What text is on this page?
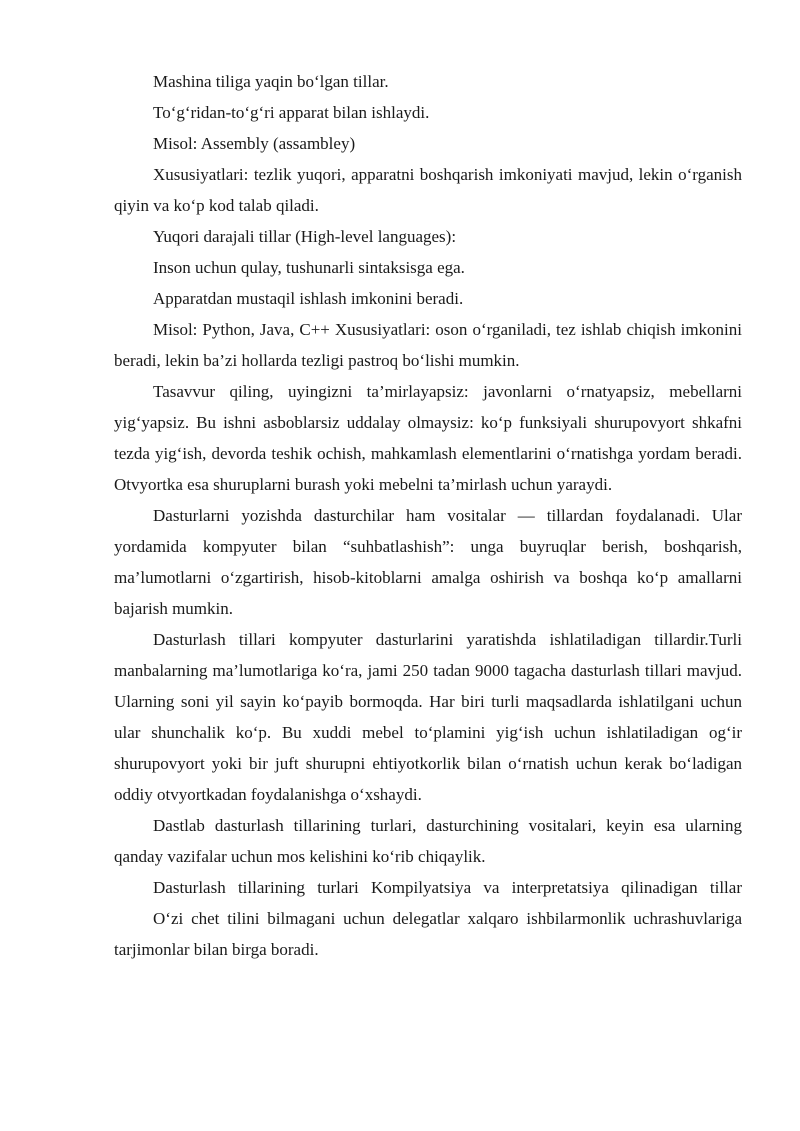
Mashina tiliga yaqin bo‘lgan tillar.

To‘g‘ridan-to‘g‘ri apparat bilan ishlaydi.

Misol: Assembly (assambley)

Xususiyatlari: tezlik yuqori, apparatni boshqarish imkoniyati mavjud, lekin o‘rganish qiyin va ko‘p kod talab qiladi.

Yuqori darajali tillar (High-level languages):

Inson uchun qulay, tushunarli sintaksisga ega.

Apparatdan mustaqil ishlash imkonini beradi.

Misol: Python, Java, C++ Xususiyatlari: oson o‘rganiladi, tez ishlab chiqish imkonini beradi, lekin ba’zi hollarda tezligi pastroq bo‘lishi mumkin.

Tasavvur qiling, uyingizni ta’mirlayapsiz: javonlarni o‘rnatyapsiz, mebellarni yig‘yapsiz. Bu ishni asboblarsiz uddalay olmaysiz: ko‘p funksiyali shurupovyort shkafni tezda yig‘ish, devorda teshik ochish, mahkamlash elementlarini o‘rnatishga yordam beradi. Otvyortka esa shuruplarni burash yoki mebelni ta’mirlash uchun yaraydi.

Dasturlarni yozishda dasturchilar ham vositalar — tillardan foydalanadi. Ular yordamida kompyuter bilan “suhbatlashish”: unga buyruqlar berish, boshqarish, ma’lumotlarni o‘zgartirish, hisob-kitoblarni amalga oshirish va boshqa ko‘p amallarni bajarish mumkin.

Dasturlash tillari kompyuter dasturlarini yaratishda ishlatiladigan tillardir.Turli manbalarning ma’lumotlariga ko‘ra, jami 250 tadan 9000 tagacha dasturlash tillari mavjud. Ularning soni yil sayin ko‘payib bormoqda. Har biri turli maqsadlarda ishlatilgani uchun ular shunchalik ko‘p. Bu xuddi mebel to‘plamini yig‘ish uchun ishlatiladigan og‘ir shurupovyort yoki bir juft shurupni ehtiyotkorlik bilan o‘rnatish uchun kerak bo‘ladigan oddiy otvyortkadan foydalanishga o‘xshaydi.

Dastlab dasturlash tillarining turlari, dasturchining vositalari, keyin esa ularning qanday vazifalar uchun mos kelishini ko‘rib chiqaylik.

Dasturlash tillarining turlari Kompilyatsiya va interpretatsiya qilinadigan tillar

O‘zi chet tilini bilmagani uchun delegatlar xalqaro ishbilarmonlik uchrashuvlariga tarjimonlar bilan birga boradi.
